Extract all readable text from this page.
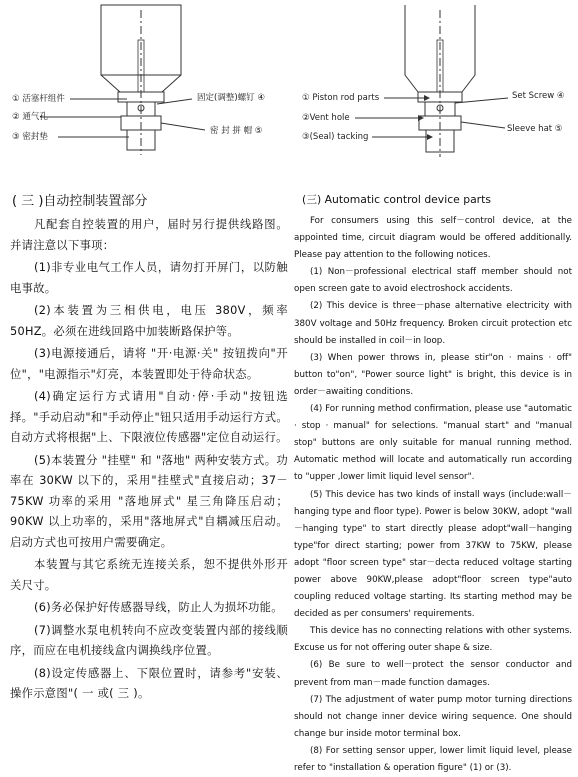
① 活塞杆组件
② 通气孔
③ 密封垫
固定(调整)螺钉 ④
密 封 拼 帽 ⑤
① Piston rod parts
②Vent hole
③(Seal) tacking
Set Screw ④
Sleeve hat ⑤
( 三 )自动控制装置部分

凡配套自控装置的用户，届时另行提供线路图。并请注意以下事项：

(1)非专业电气工作人员，请勿打开屏门，以防触电事故。

(2)本装置为三相供电，电压 380V，频率 50HZ。必须在进线回路中加装断路保护等。

(3)电源接通后，请将 "开·电源·关" 按钮拨向"开位"，"电源指示"灯亮，本装置即处于待命状态。

(4)确定运行方式请用"自动·停·手动"按钮选择。"手动启动"和"手动停止"钮只适用手动运行方式。自动方式将根据"上、下限液位传感器"定位自动运行。

(5)本装置分 "挂壁" 和 "落地" 两种安装方式。功率在 30KW 以下的，采用"挂壁式"直接启动；37－75KW 功率的采用 "落地屏式" 星三角降压启动；90KW 以上功率的，采用"落地屏式"自耦减压启动。启动方式也可按用户需要确定。

本装置与其它系统无连接关系，恕不提供外形开关尺寸。

(6)务必保护好传感器导线，防止人为损坏功能。

(7)调整水泵电机转向不应改变装置内部的接线顺序，而应在电机接线盒内调换线序位置。

(8)设定传感器上、下限位置时，请参考"安装、操作示意图"( 一 或( 三 )。

(三) Automatic control device parts

For consumers using this self－control device, at the appointed time, circuit diagram would be offered additionally. Please pay attention to the following notices.

(1) Non－professional electrical staff member should not open screen gate to avoid electroshock accidents.

(2) This device is three－phase alternative electricity with 380V voltage and 50Hz frequency. Broken circuit protection etc should be installed in coil－in loop.

(3) When power throws in, please stir"on · mains · off" button to"on", "Power source light" is bright, this device is in order－awaiting conditions.

(4) For running method confirmation, please use "automatic · stop · manual" for selections. "manual start" and "manual stop" buttons are only suitable for manual running method. Automatic method will locate and automatically run according to "upper ,lower limit liquid level sensor".

(5) This device has two kinds of install ways (include:wall－hanging type and floor type). Power is below 30KW, adopt "wall－hanging type" to start directly please adopt"wall－hanging type"for direct starting; power from 37KW to 75KW, please adopt "floor screen type" star－decta reduced voltage starting power above 90KW,please adopt"floor screen type"auto coupling reduced voltage starting. Its starting method may be decided as per consumers' requirements.

This device has no connecting relations with other systems. Excuse us for not offering outer shape & size.

(6) Be sure to well－protect the sensor conductor and prevent from man－made function damages.

(7) The adjustment of water pump motor turning directions should not change inner device wiring sequence. One should change bur inside motor terminal box.

(8) For setting sensor upper, lower limit liquid level, please refer to "installation & operation figure" (1) or (3).
